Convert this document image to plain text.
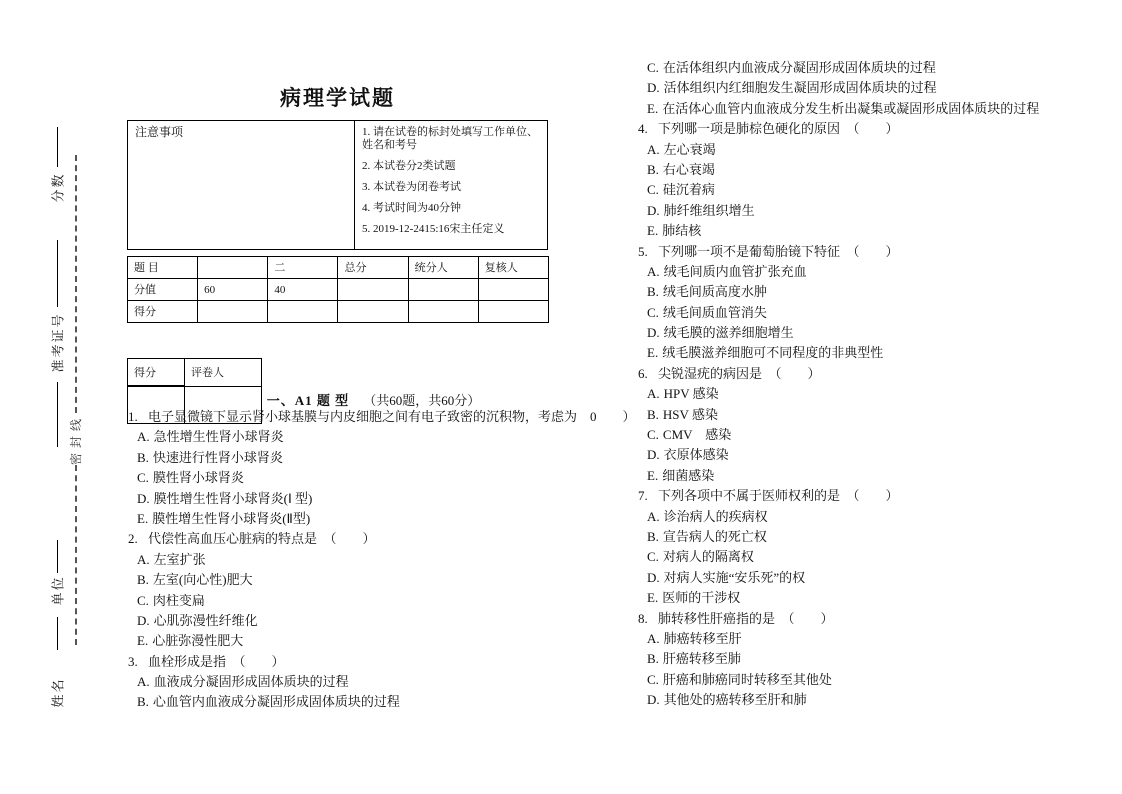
分数
准考证号
单位
姓名
密封线
病理学试题
注意事项	1. 请在试卷的标封处填写工作单位、姓名和考号
2. 本试卷分2类试题
3. 本试卷为闭卷考试
4. 考试时间为40分钟
5. 2019-12-2415:16宋主任定义
题 目		二	总分	统分人	复核人
分值	60	40			
得分					
得分	评卷人

一、A1 题 型 （共60题，共60分）
1. 电子显微镜下显示肾小球基膜与内皮细胞之间有电子致密的沉积物，考虑为　0　　）
A. 急性增生性肾小球肾炎
B. 快速进行性肾小球肾炎
C. 膜性肾小球肾炎
D. 膜性增生性肾小球肾炎(Ⅰ 型)
E. 膜性增生性肾小球肾炎(Ⅱ型)
2. 代偿性高血压心脏病的特点是　（　　）
A. 左室扩张
B. 左室(向心性)肥大
C. 肉柱变扁
D. 心肌弥漫性纤维化
E. 心脏弥漫性肥大
3. 血栓形成是指　（　　）
A. 血液成分凝固形成固体质块的过程
B. 心血管内血液成分凝固形成固体质块的过程
C. 在活体组织内血液成分凝固形成固体质块的过程
D. 活体组织内红细胞发生凝固形成固体质块的过程
E. 在活体心血管内血液成分发生析出凝集或凝固形成固体质块的过程
4. 下列哪一项是肺棕色硬化的原因　（　　）
A. 左心衰竭
B. 右心衰竭
C. 硅沉着病
D. 肺纤维组织增生
E. 肺结核
5. 下列哪一项不是葡萄胎镜下特征　（　　）
A. 绒毛间质内血管扩张充血
B. 绒毛间质高度水肿
C. 绒毛间质血管消失
D. 绒毛膜的滋养细胞增生
E. 绒毛膜滋养细胞可不同程度的非典型性
6. 尖锐湿疣的病因是　（　　）
A. HPV 感染
B. HSV 感染
C. CMV　感染
D. 衣原体感染
E. 细菌感染
7. 下列各项中不属于医师权利的是　（　　）
A. 诊治病人的疾病权
B. 宣告病人的死亡权
C. 对病人的隔离权
D. 对病人实施“安乐死”的权
E. 医师的干涉权
8. 肺转移性肝癌指的是　（　　）
A. 肺癌转移至肝
B. 肝癌转移至肺
C. 肝癌和肺癌同时转移至其他处
D. 其他处的癌转移至肝和肺
